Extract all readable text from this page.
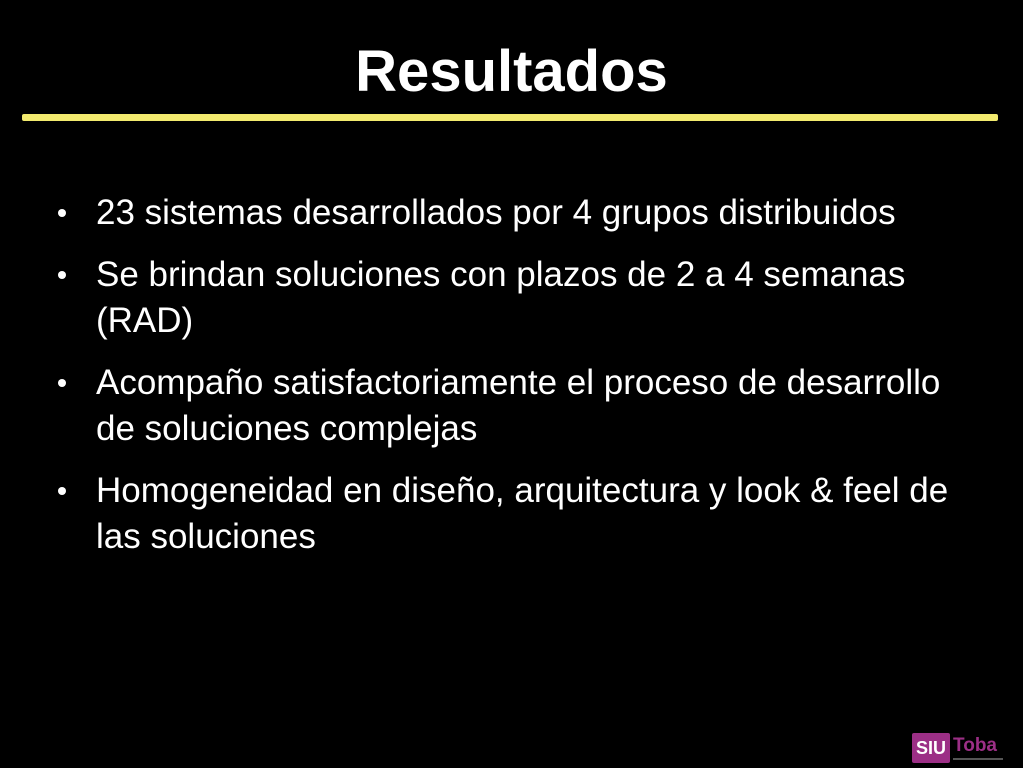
Resultados
23 sistemas desarrollados por 4 grupos distribuidos
Se brindan soluciones con plazos de 2 a 4 semanas (RAD)
Acompaño satisfactoriamente el proceso de desarrollo de soluciones complejas
Homogeneidad en diseño, arquitectura y look & feel de las soluciones
SIU Toba
